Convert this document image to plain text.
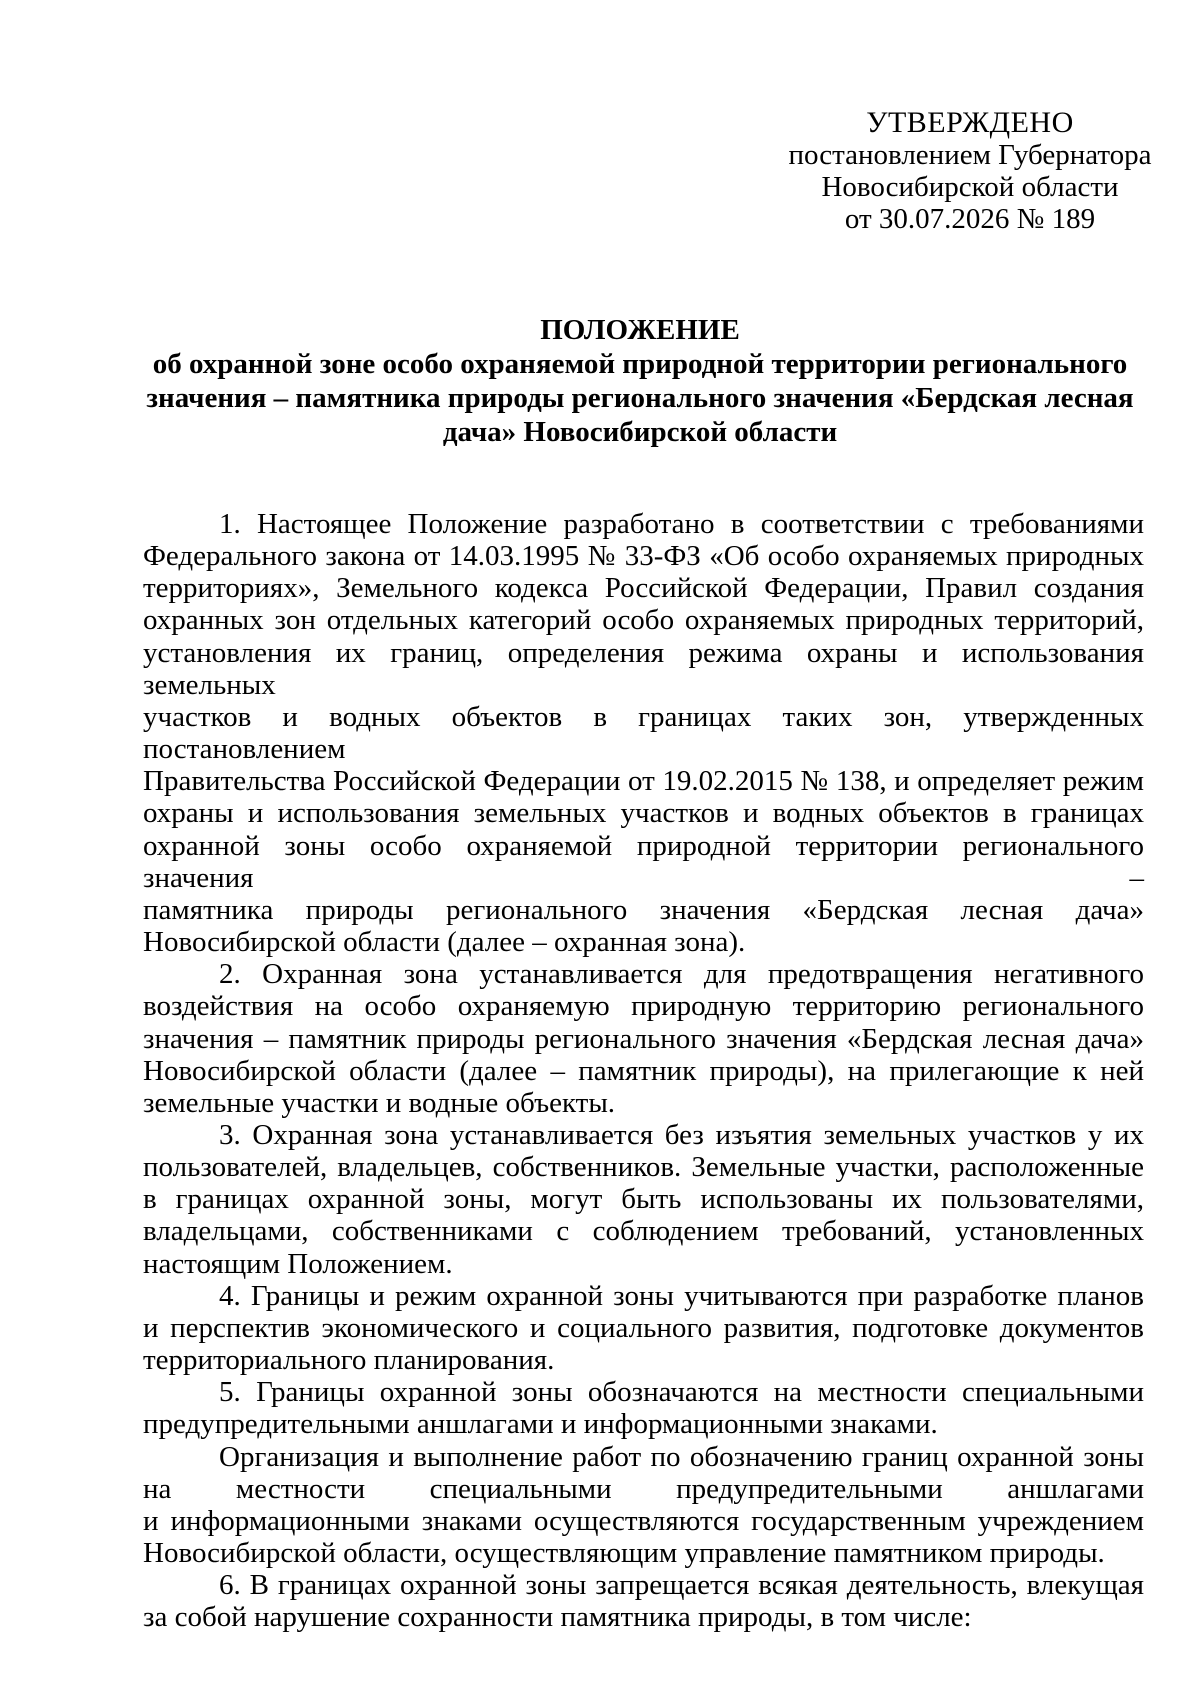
УТВЕРЖДЕНО
постановлением Губернатора
Новосибирской области
от 30.07.2026 № 189
ПОЛОЖЕНИЕ
об охранной зоне особо охраняемой природной территории регионального
значения – памятника природы регионального значения «Бердская лесная
дача» Новосибирской области

1. Настоящее Положение разработано в соответствии с требованиями
Федерального закона от 14.03.1995 № 33-ФЗ «Об особо охраняемых природных
территориях», Земельного кодекса Российской Федерации, Правил создания
охранных зон отдельных категорий особо охраняемых природных территорий,
установления их границ, определения режима охраны и использования земельных
участков и водных объектов в границах таких зон, утвержденных постановлением
Правительства Российской Федерации от 19.02.2015 № 138, и определяет режим
охраны и использования земельных участков и водных объектов в границах
охранной зоны особо охраняемой природной территории регионального значения –
памятника природы регионального значения «Бердская лесная дача»
Новосибирской области (далее – охранная зона).

2. Охранная зона устанавливается для предотвращения негативного
воздействия на особо охраняемую природную территорию регионального
значения – памятник природы регионального значения «Бердская лесная дача»
Новосибирской области (далее – памятник природы), на прилегающие к ней
земельные участки и водные объекты.

3. Охранная зона устанавливается без изъятия земельных участков у их
пользователей, владельцев, собственников. Земельные участки, расположенные
в границах охранной зоны, могут быть использованы их пользователями,
владельцами, собственниками с соблюдением требований, установленных
настоящим Положением.

4. Границы и режим охранной зоны учитываются при разработке планов
и перспектив экономического и социального развития, подготовке документов
территориального планирования.

5. Границы охранной зоны обозначаются на местности специальными
предупредительными аншлагами и информационными знаками.

Организация и выполнение работ по обозначению границ охранной зоны
на местности специальными предупредительными аншлагами
и информационными знаками осуществляются государственным учреждением
Новосибирской области, осуществляющим управление памятником природы.

6. В границах охранной зоны запрещается всякая деятельность, влекущая
за собой нарушение сохранности памятника природы, в том числе:
